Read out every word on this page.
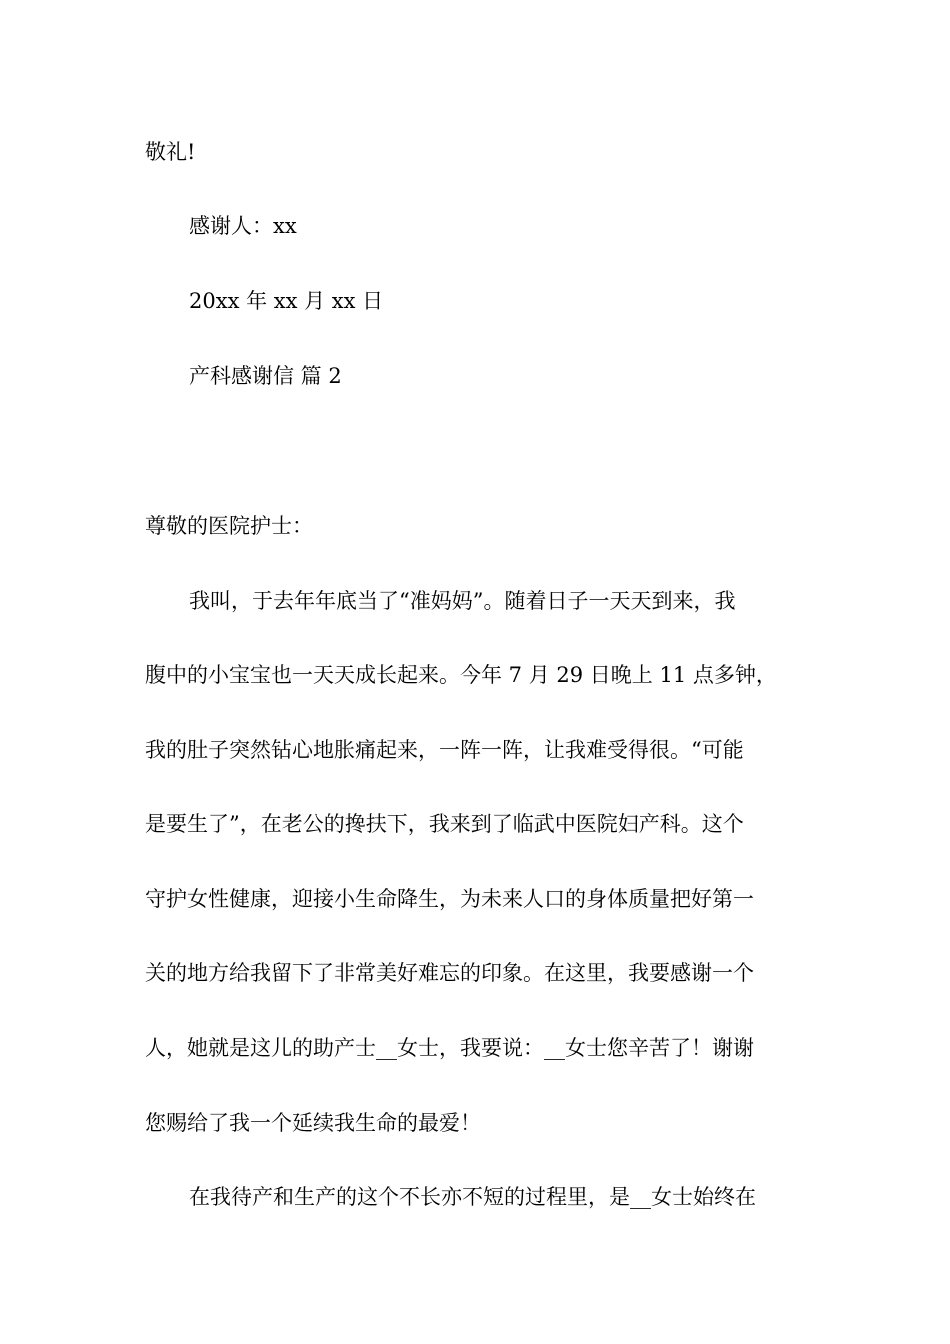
敬礼!
感谢人：xx
20xx 年 xx 月 xx 日
产科感谢信 篇 2
尊敬的医院护士：
我叫，于去年年底当了“准妈妈”。随着日子一天天到来，我
腹中的小宝宝也一天天成长起来。今年 7 月 29 日晚上 11 点多钟，
我的肚子突然钻心地胀痛起来，一阵一阵，让我难受得很。“可能
是要生了”，在老公的搀扶下，我来到了临武中医院妇产科。这个
守护女性健康，迎接小生命降生，为未来人口的身体质量把好第一
关的地方给我留下了非常美好难忘的印象。在这里，我要感谢一个
人，她就是这儿的助产士__女士，我要说：__女士您辛苦了！谢谢
您赐给了我一个延续我生命的最爱！
在我待产和生产的这个不长亦不短的过程里，是__女士始终在
